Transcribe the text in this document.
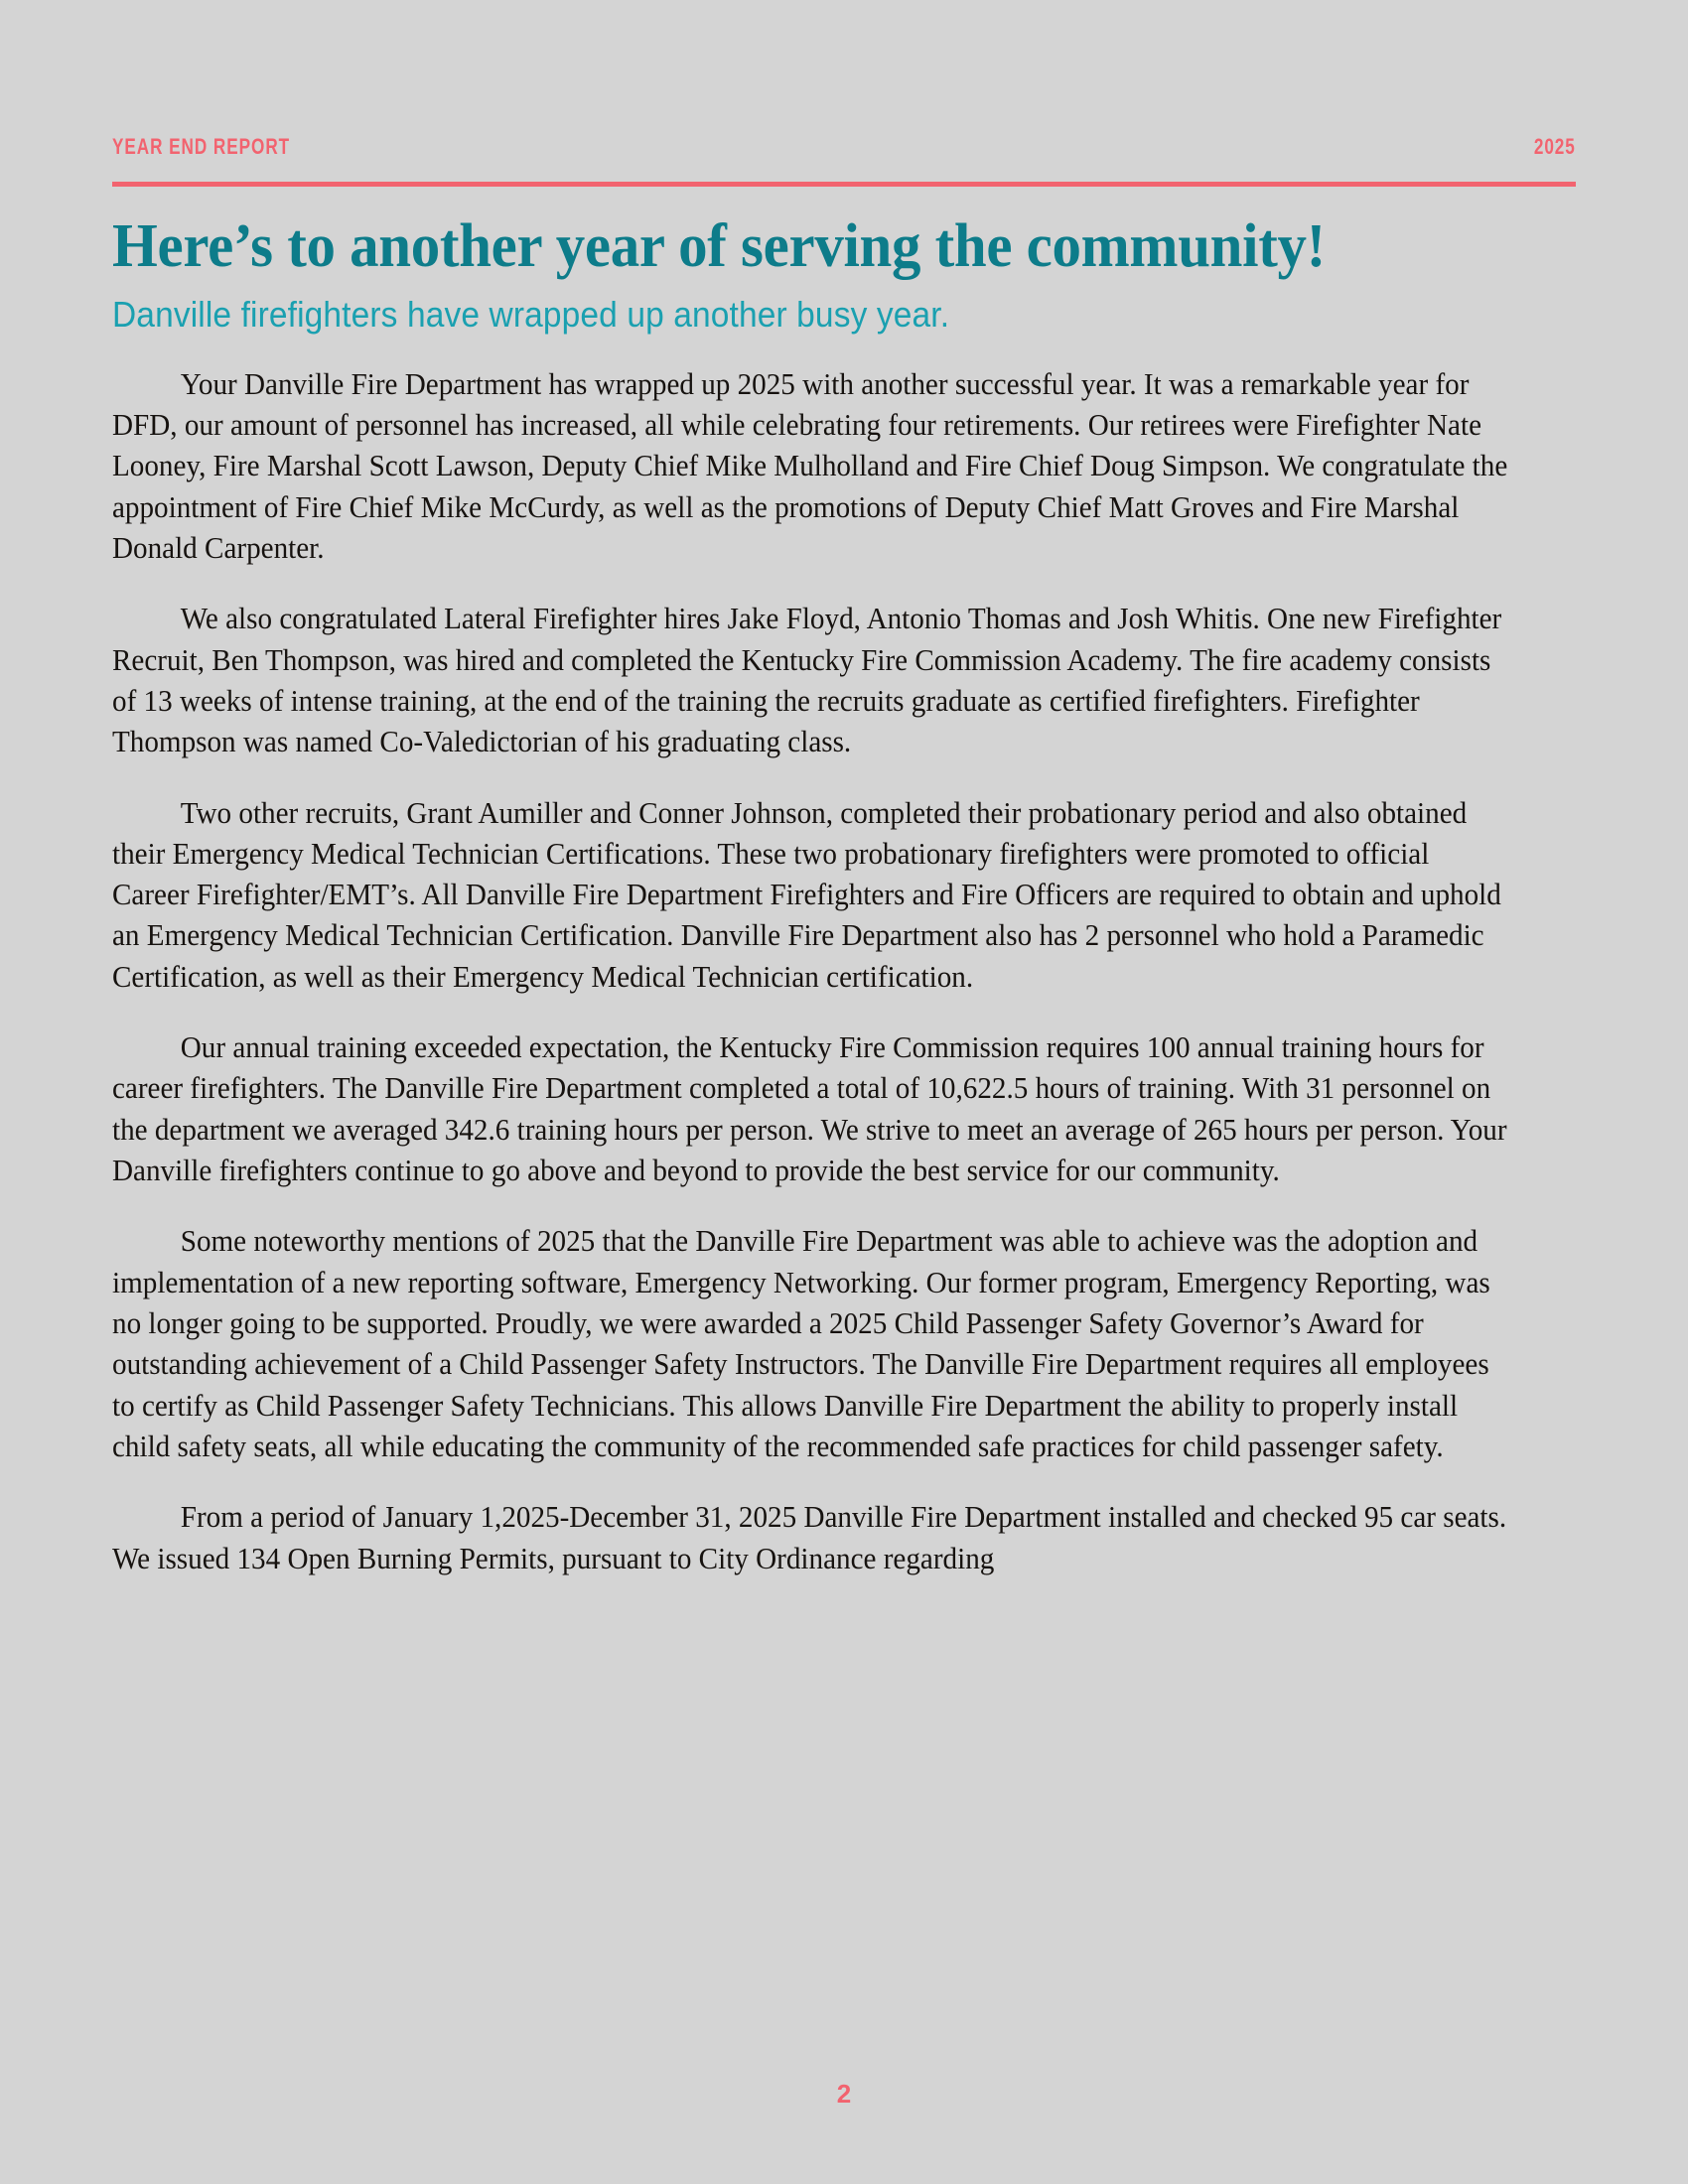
YEAR END REPORT	2025
Here’s to another year of serving the community!

Danville firefighters have wrapped up another busy year.

Your Danville Fire Department has wrapped up 2025 with another successful year. It was a remarkable year for DFD, our amount of personnel has increased, all while celebrating four retirements. Our retirees were Firefighter Nate Looney, Fire Marshal Scott Lawson, Deputy Chief Mike Mulholland and Fire Chief Doug Simpson. We congratulate the appointment of Fire Chief Mike McCurdy, as well as the promotions of Deputy Chief Matt Groves and Fire Marshal Donald Carpenter.

We also congratulated Lateral Firefighter hires Jake Floyd, Antonio Thomas and Josh Whitis. One new Firefighter Recruit, Ben Thompson, was hired and completed the Kentucky Fire Commission Academy. The fire academy consists of 13 weeks of intense training, at the end of the training the recruits graduate as certified firefighters. Firefighter Thompson was named Co-Valedictorian of his graduating class.

Two other recruits, Grant Aumiller and Conner Johnson, completed their probationary period and also obtained their Emergency Medical Technician Certifications. These two probationary firefighters were promoted to official Career Firefighter/EMT’s. All Danville Fire Department Firefighters and Fire Officers are required to obtain and uphold an Emergency Medical Technician Certification. Danville Fire Department also has 2 personnel who hold a Paramedic Certification, as well as their Emergency Medical Technician certification.

Our annual training exceeded expectation, the Kentucky Fire Commission requires 100 annual training hours for career firefighters. The Danville Fire Department completed a total of 10,622.5 hours of training. With 31 personnel on the department we averaged 342.6 training hours per person. We strive to meet an average of 265 hours per person. Your Danville firefighters continue to go above and beyond to provide the best service for our community.

Some noteworthy mentions of 2025 that the Danville Fire Department was able to achieve was the adoption and implementation of a new reporting software, Emergency Networking. Our former program, Emergency Reporting, was no longer going to be supported. Proudly, we were awarded a 2025 Child Passenger Safety Governor’s Award for outstanding achievement of a Child Passenger Safety Instructors. The Danville Fire Department requires all employees to certify as Child Passenger Safety Technicians. This allows Danville Fire Department the ability to properly install child safety seats, all while educating the community of the recommended safe practices for child passenger safety.

From a period of January 1,2025-December 31, 2025 Danville Fire Department installed and checked 95 car seats. We issued 134 Open Burning Permits, pursuant to City Ordinance regarding

2
